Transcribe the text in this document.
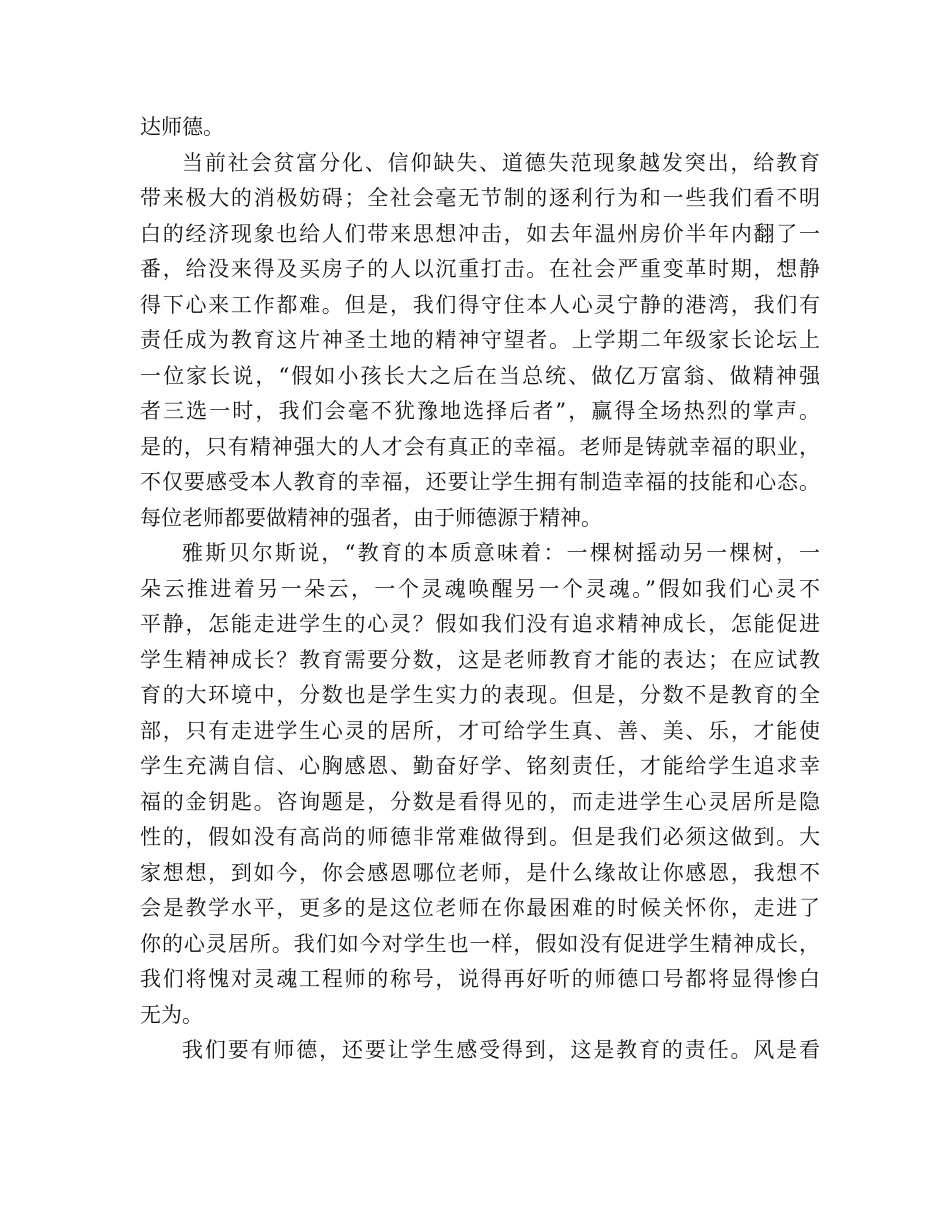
达师德。
当前社会贫富分化、信仰缺失、道德失范现象越发突出，给教育
带来极大的消极妨碍；全社会毫无节制的逐利行为和一些我们看不明
白的经济现象也给人们带来思想冲击，如去年温州房价半年内翻了一
番，给没来得及买房子的人以沉重打击。在社会严重变革时期，想静
得下心来工作都难。但是，我们得守住本人心灵宁静的港湾，我们有
责任成为教育这片神圣土地的精神守望者。上学期二年级家长论坛上
一位家长说，“假如小孩长大之后在当总统、做亿万富翁、做精神强
者三选一时，我们会毫不犹豫地选择后者”，赢得全场热烈的掌声。
是的，只有精神强大的人才会有真正的幸福。老师是铸就幸福的职业，
不仅要感受本人教育的幸福，还要让学生拥有制造幸福的技能和心态。
每位老师都要做精神的强者，由于师德源于精神。
雅斯贝尔斯说，“教育的本质意味着：一棵树摇动另一棵树，一
朵云推进着另一朵云，一个灵魂唤醒另一个灵魂。”假如我们心灵不
平静，怎能走进学生的心灵？假如我们没有追求精神成长，怎能促进
学生精神成长？教育需要分数，这是老师教育才能的表达；在应试教
育的大环境中，分数也是学生实力的表现。但是，分数不是教育的全
部，只有走进学生心灵的居所，才可给学生真、善、美、乐，才能使
学生充满自信、心胸感恩、勤奋好学、铭刻责任，才能给学生追求幸
福的金钥匙。咨询题是，分数是看得见的，而走进学生心灵居所是隐
性的，假如没有高尚的师德非常难做得到。但是我们必须这做到。大
家想想，到如今，你会感恩哪位老师，是什么缘故让你感恩，我想不
会是教学水平，更多的是这位老师在你最困难的时候关怀你，走进了
你的心灵居所。我们如今对学生也一样，假如没有促进学生精神成长，
我们将愧对灵魂工程师的称号，说得再好听的师德口号都将显得惨白
无为。
我们要有师德，还要让学生感受得到，这是教育的责任。风是看
